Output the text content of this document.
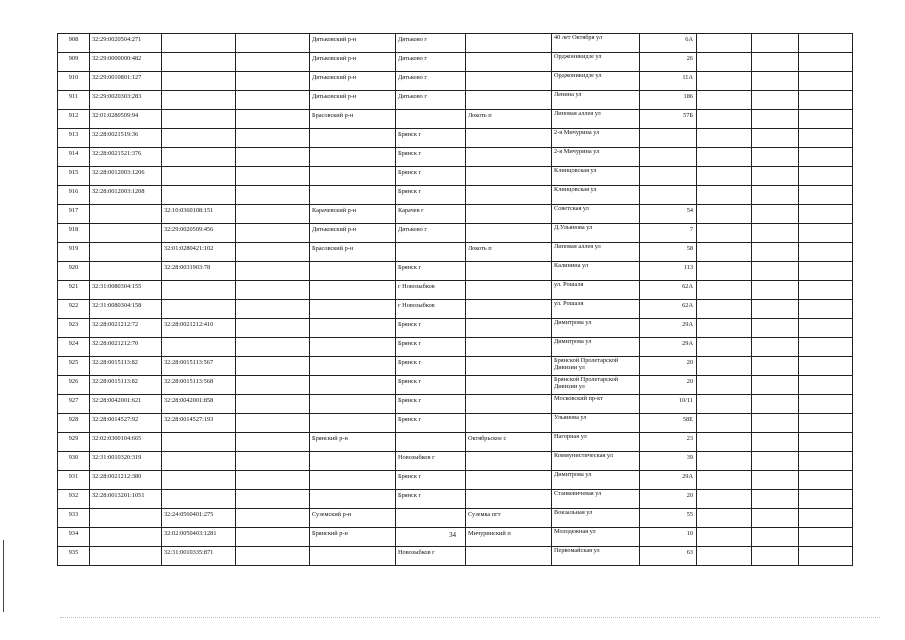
908	32:29:0020504:271			Дятьковский р-н	Дятьково г		40 лет Октября ул	6А			
909	32:29:0000000:482			Дятьковский р-н	Дятьково г		Орджоникидзе ул	26			
910	32:29:0010801:127			Дятьковский р-н	Дятьково г		Орджоникидзе ул	11А			
911	32:29:0020303:283			Дятьковский р-н	Дятьково г		Ленина ул	186			
912	32:01:0280509:94			Брасовский р-н		Локоть п	Липовая аллея ул	57Б			
913	32:28:0021519:36				Брянск г		2-я Мичурина ул				
914	32:28:0021521:376				Брянск г		2-я Мичурина ул				
915	32:28:0012003:1206				Брянск г		Клинцовская ул				
916	32:28:0012003:1208				Брянск г		Клинцовская ул				
917		32:10:0360108:151		Карачевский р-н	Карачев г		Советская ул	54			
918		32:29:0020509:456		Дятьковский р-н	Дятьково г		Д.Ульянова ул	7			
919		32:01:0280421:102		Брасовский р-н		Локоть п	Липовая аллея ул	58			
920		32:28:0031903:78			Брянск г		Калинина ул	113			
921	32:31:0080304:155				г Новозыбков		ул. Рошаля	62А			
922	32:31:0080304:158				г Новозыбков		ул. Рошаля	62А			
923	32:28:0021212:72	32:28:0021212:410			Брянск г		Димитрова ул	29А			
924	32:28:0021212:70				Брянск г		Димитрова ул	29А			
925	32:28:0015113:82	32:28:0015113:567			Брянск г		Брянской Пролетарской Дивизии ул	20			
926	32:28:0015113:82	32:28:0015113:568			Брянск г		Брянской Пролетарской Дивизии ул	20			
927	32:28:0042001:621	32:28:0042001:858			Брянск г		Московский пр-кт	10/11			
928	32:28:0014527:92	32:28:0014527:193			Брянск г		Ульянова ул	58Е			
929	32:02:0300104:665			Брянский р-н		Октябрьское с	Нагорная ул	23			
930	32:31:0010320:319				Новозыбков г		Коммунистическая ул	39			
931	32:28:0021212:380				Брянск г		Димитрова ул	29А			
932	32:28:0013201:1051				Брянск г		Станкевичевая ул	20			
933		32:24:0560401:275		Суземский р-н		Суземка пгт	Вокзальная ул	55			
934		32:02:0050403:1281		Брянский р-н		Мичуринский п	Молодежная ул	10			
935		32:31:0010335:871			Новозыбков г		Первомайская ул	63			
34
